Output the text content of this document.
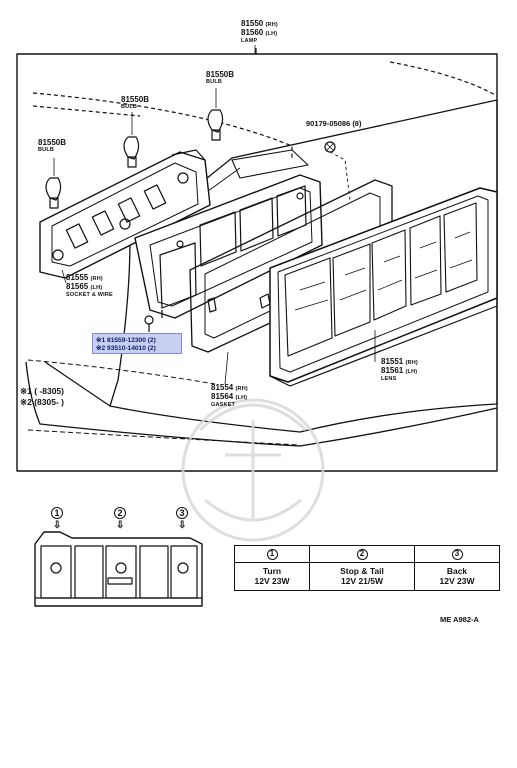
81550 (RH)
81560 (LH)
LAMP
81550B
BULB
81550B
BULB
81550B
BULB
90179-05086 (8)
81555 (RH)
81565 (LH)
SOCKET & WIRE
※1 81559-12300 (2)
※2 93510-14010 (2)
81554 (RH)
81564 (LH)
GASKET
81551 (RH)
81561 (LH)
LENS
※1 ( -8305)
※2 (8305- )
1
⇩
2
⇩
3
⇩
1
Turn
12V 23W
2
Stop & Tail
12V 21/5W
3
Back
12V 23W
ME A982-A
